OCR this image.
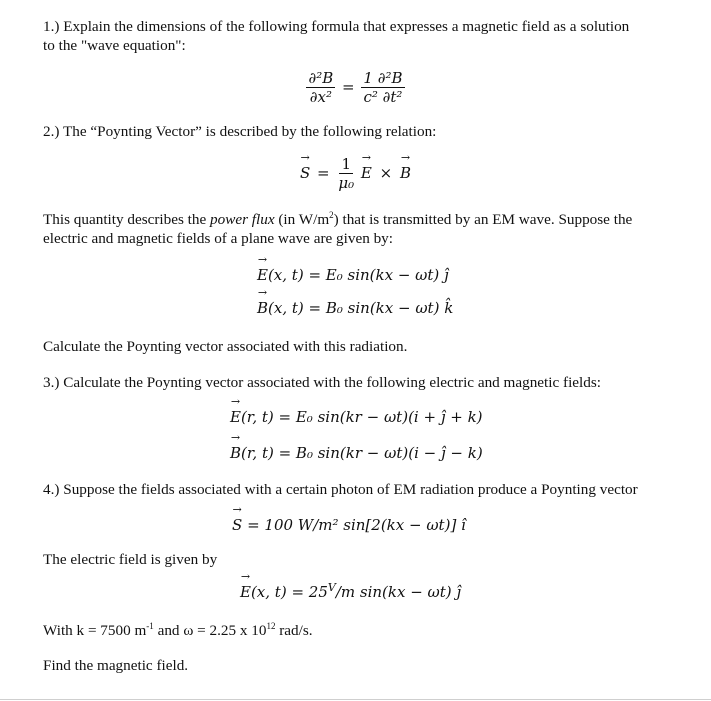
1.) Explain the dimensions of the following formula that expresses a magnetic field as a solution

to the "wave equation":

$\frac{\text{∂²B}}{\text{∂x²}} = \frac{\text{1 ∂²B}}{\text{c² ∂t²}}$

2.) The “Poynting Vector” is described by the following relation:

→ $S = \frac{1}{\text{μ₀}}$
→ E × → B

This quantity describes the power flux (in $W/m^2$) that is transmitted by an EM wave. Suppose the

electric and magnetic fields of a plane wave are given by:

→ E(x, t) = E₀ sin(kx − ωt) ĵ
→ B(x, t) = B₀ sin(kx − ωt) k̂

Calculate the Poynting vector associated with this radiation.

3.) Calculate the Poynting vector associated with the following electric and magnetic fields:

→ E(r, t) = E₀ sin(kr − ωt)(i + ĵ + k)
→ B(r, t) = B₀ sin(kr − ωt)(i − ĵ − k)

4.) Suppose the fields associated with a certain photon of EM radiation produce a Poynting vector

→ S = 100 W/m² sin[2(kx − ωt)] î

The electric field is given by

→ E(x, $t) = 25^V/m$ sin(kx − ωt) ĵ

With k = 7500 $m^{-1}$ and ω = 2.25 x $10^{12}$ rad/s.

Find the magnetic field.
